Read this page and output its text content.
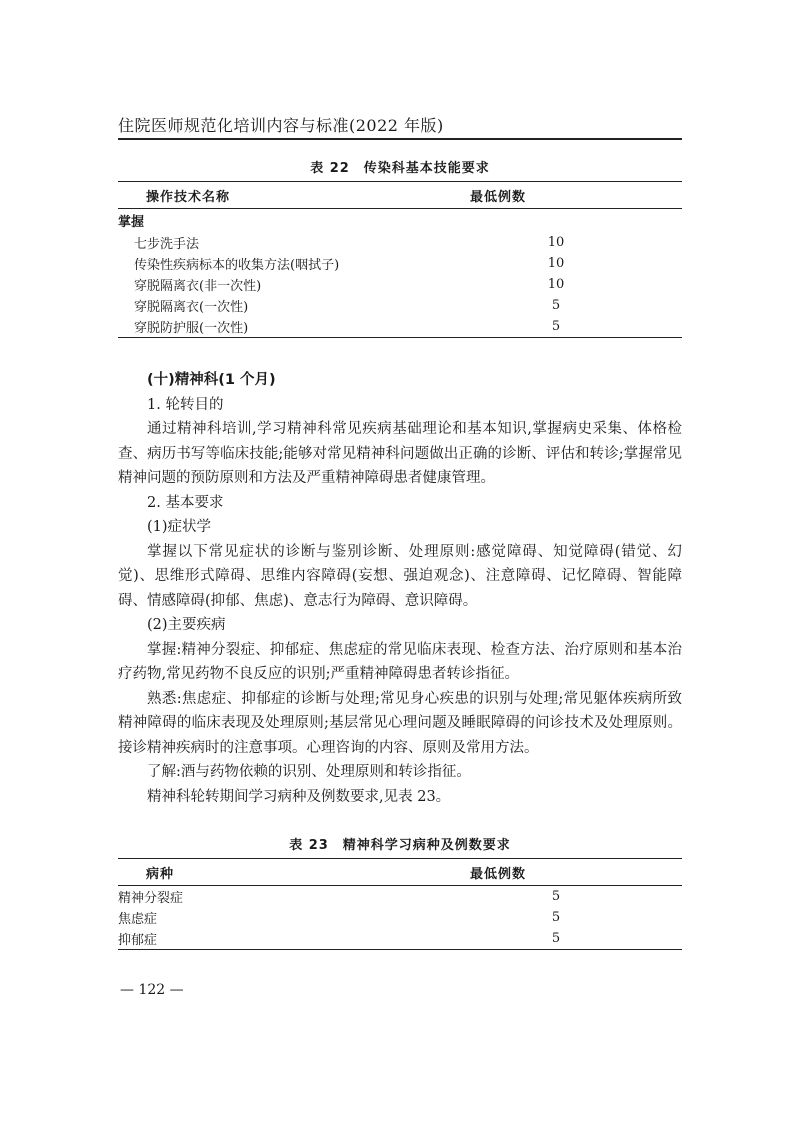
住院医师规范化培训内容与标准(2022 年版)
表 22　传染科基本技能要求
操作技术名称	最低例数
掌握	
七步洗手法	10
传染性疾病标本的收集方法(咽拭子)	10
穿脱隔离衣(非一次性)	10
穿脱隔离衣(一次性)	5
穿脱防护服(一次性)	5

(十)精神科(1 个月)

1. 轮转目的

通过精神科培训,学习精神科常见疾病基础理论和基本知识,掌握病史采集、体格检查、病历书写等临床技能;能够对常见精神科问题做出正确的诊断、评估和转诊;掌握常见精神问题的预防原则和方法及严重精神障碍患者健康管理。

2. 基本要求

(1)症状学

掌握以下常见症状的诊断与鉴别诊断、处理原则:感觉障碍、知觉障碍(错觉、幻觉)、思维形式障碍、思维内容障碍(妄想、强迫观念)、注意障碍、记忆障碍、智能障碍、情感障碍(抑郁、焦虑)、意志行为障碍、意识障碍。

(2)主要疾病

掌握:精神分裂症、抑郁症、焦虑症的常见临床表现、检查方法、治疗原则和基本治疗药物,常见药物不良反应的识别;严重精神障碍患者转诊指征。

熟悉:焦虑症、抑郁症的诊断与处理;常见身心疾患的识别与处理;常见躯体疾病所致精神障碍的临床表现及处理原则;基层常见心理问题及睡眠障碍的问诊技术及处理原则。接诊精神疾病时的注意事项。心理咨询的内容、原则及常用方法。

了解:酒与药物依赖的识别、处理原则和转诊指征。

精神科轮转期间学习病种及例数要求,见表 23。

表 23　精神科学习病种及例数要求
病种	最低例数
精神分裂症	5
焦虑症	5
抑郁症	5
— 122 —
